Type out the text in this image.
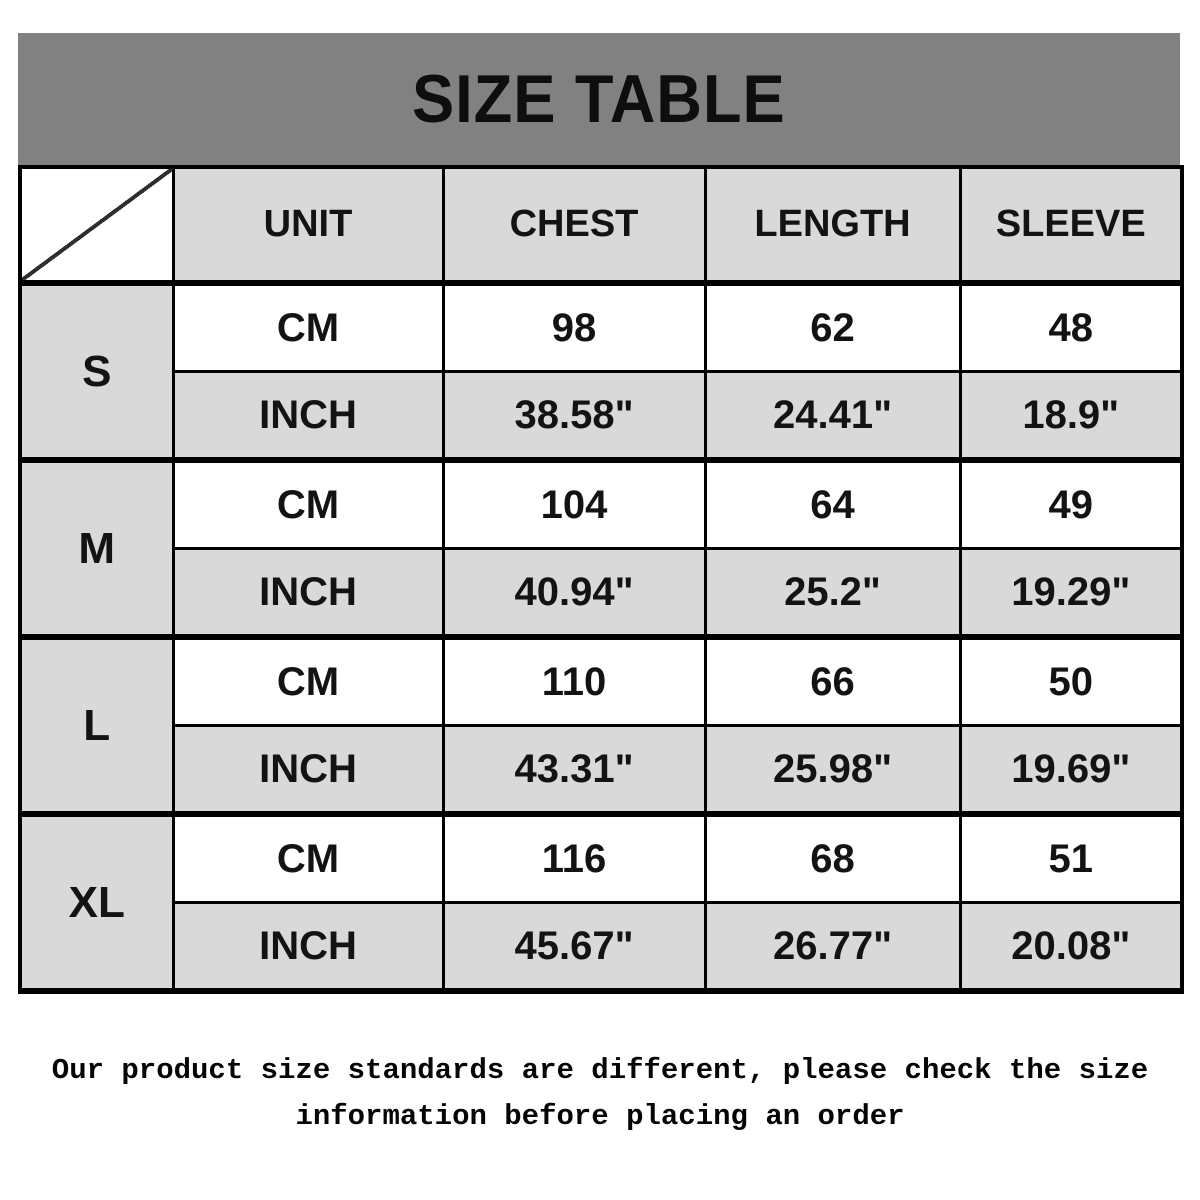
SIZE TABLE
	UNIT	CHEST	LENGTH	SLEEVE
S	CM	98	62	48
	INCH	38.58"	24.41"	18.9"
M	CM	104	64	49
	INCH	40.94"	25.2"	19.29"
L	CM	110	66	50
	INCH	43.31"	25.98"	19.69"
XL	CM	116	68	51
	INCH	45.67"	26.77"	20.08"
Our product size standards are different, please check the size
information before placing an order
